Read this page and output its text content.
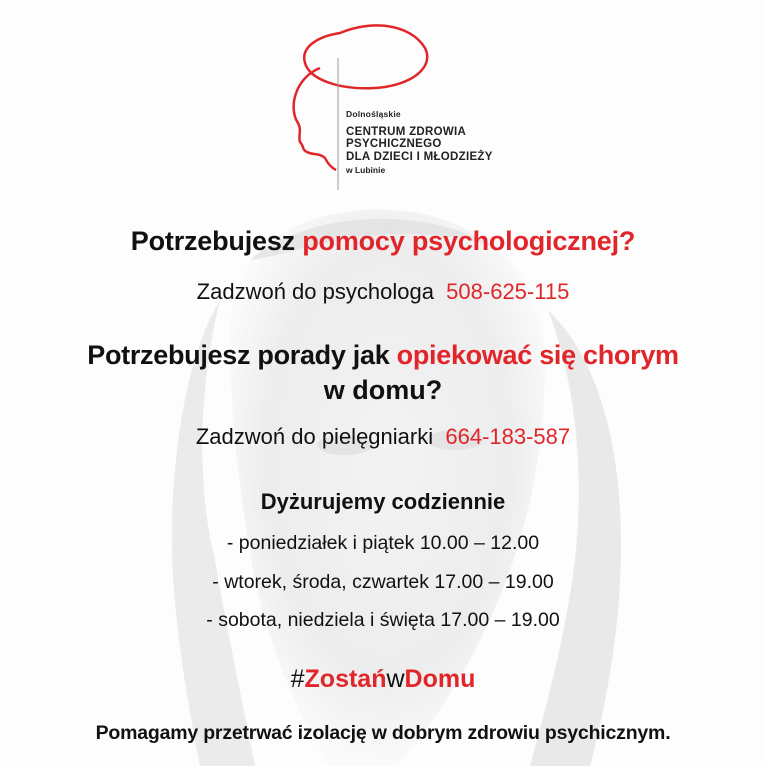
Dolnośląskie
CENTRUM ZDROWIA
PSYCHICZNEGO
DLA DZIECI I MŁODZIEŻY
w Lubinie
Potrzebujesz pomocy psychologicznej?
Zadzwoń do psychologa 508-625-115
Potrzebujesz porady jak opiekować się chorym
w domu?
Zadzwoń do pielęgniarki 664-183-587
Dyżurujemy codziennie
- poniedziałek i piątek 10.00 – 12.00
- wtorek, środa, czwartek 17.00 – 19.00
- sobota, niedziela i święta 17.00 – 19.00
#ZostańwDomu
Pomagamy przetrwać izolację w dobrym zdrowiu psychicznym.
